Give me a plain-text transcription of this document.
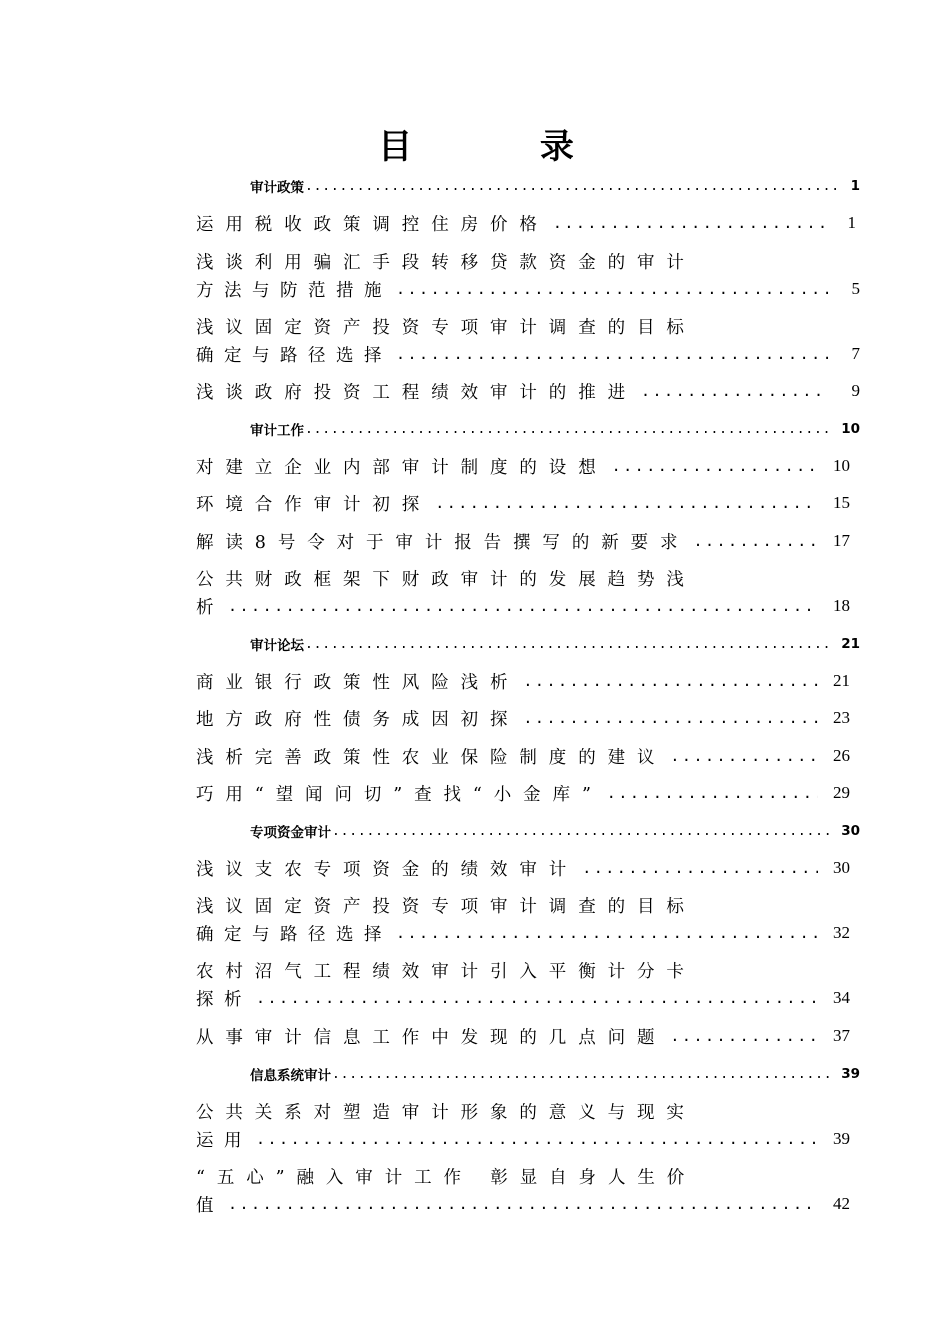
目 录
审计政策 .....	1
运用税收政策调控住房价格 .....	1
浅谈利用骗汇手段转移贷款资金的审计
方法与防范措施 .....	5
浅议固定资产投资专项审计调查的目标
确定与路径选择 .....	7
浅谈政府投资工程绩效审计的推进 .....	9
审计工作 .....	10
对建立企业内部审计制度的设想 .....	10
环境合作审计初探 .....	15
解读8号令对于审计报告撰写的新要求 .....	17
公共财政框架下财政审计的发展趋势浅
析 .....	18
审计论坛 .....	21
商业银行政策性风险浅析 .....	21
地方政府性债务成因初探 .....	23
浅析完善政策性农业保险制度的建议 .....	26
巧用“望闻问切”查找“小金库” .....	29
专项资金审计 .....	30
浅议支农专项资金的绩效审计 .....	30
浅议固定资产投资专项审计调查的目标
确定与路径选择 .....	32
农村沼气工程绩效审计引入平衡计分卡
探析 .....	34
从事审计信息工作中发现的几点问题 .....	37
信息系统审计 .....	39
公共关系对塑造审计形象的意义与现实
运用 .....	39
“五心”融入审计工作 彰显自身人生价
值 .....	42
